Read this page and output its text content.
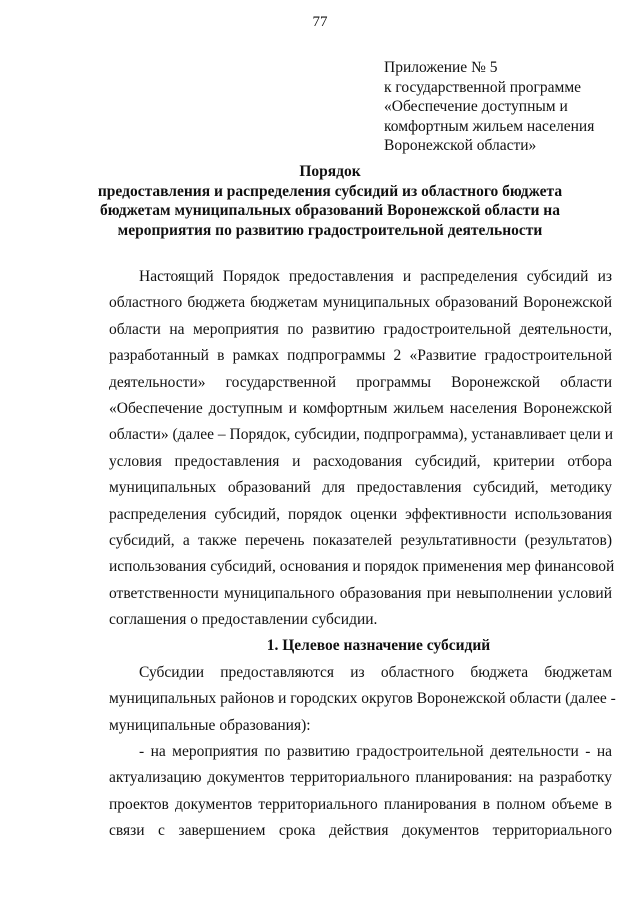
77
Приложение № 5
к государственной программе
«Обеспечение доступным и
комфортным жильем населения
Воронежской области»
Порядок
предоставления и распределения субсидий из областного бюджета
бюджетам муниципальных образований Воронежской области на
мероприятия по развитию градостроительной деятельности
Настоящий Порядок предоставления и распределения субсидий из
областного бюджета бюджетам муниципальных образований Воронежской
области на мероприятия по развитию градостроительной деятельности,
разработанный в рамках подпрограммы 2 «Развитие градостроительной
деятельности» государственной программы Воронежской области
«Обеспечение доступным и комфортным жильем населения Воронежской
области» (далее – Порядок, субсидии, подпрограмма), устанавливает цели и
условия предоставления и расходования субсидий, критерии отбора
муниципальных образований для предоставления субсидий, методику
распределения субсидий, порядок оценки эффективности использования
субсидий, а также перечень показателей результативности (результатов)
использования субсидий, основания и порядок применения мер финансовой
ответственности муниципального образования при невыполнении условий
соглашения о предоставлении субсидии.
1. Целевое назначение субсидий
Субсидии предоставляются из областного бюджета бюджетам
муниципальных районов и городских округов Воронежской области (далее -
муниципальные образования):
- на мероприятия по развитию градостроительной деятельности - на
актуализацию документов территориального планирования: на разработку
проектов документов территориального планирования в полном объеме в
связи с завершением срока действия документов территориального
